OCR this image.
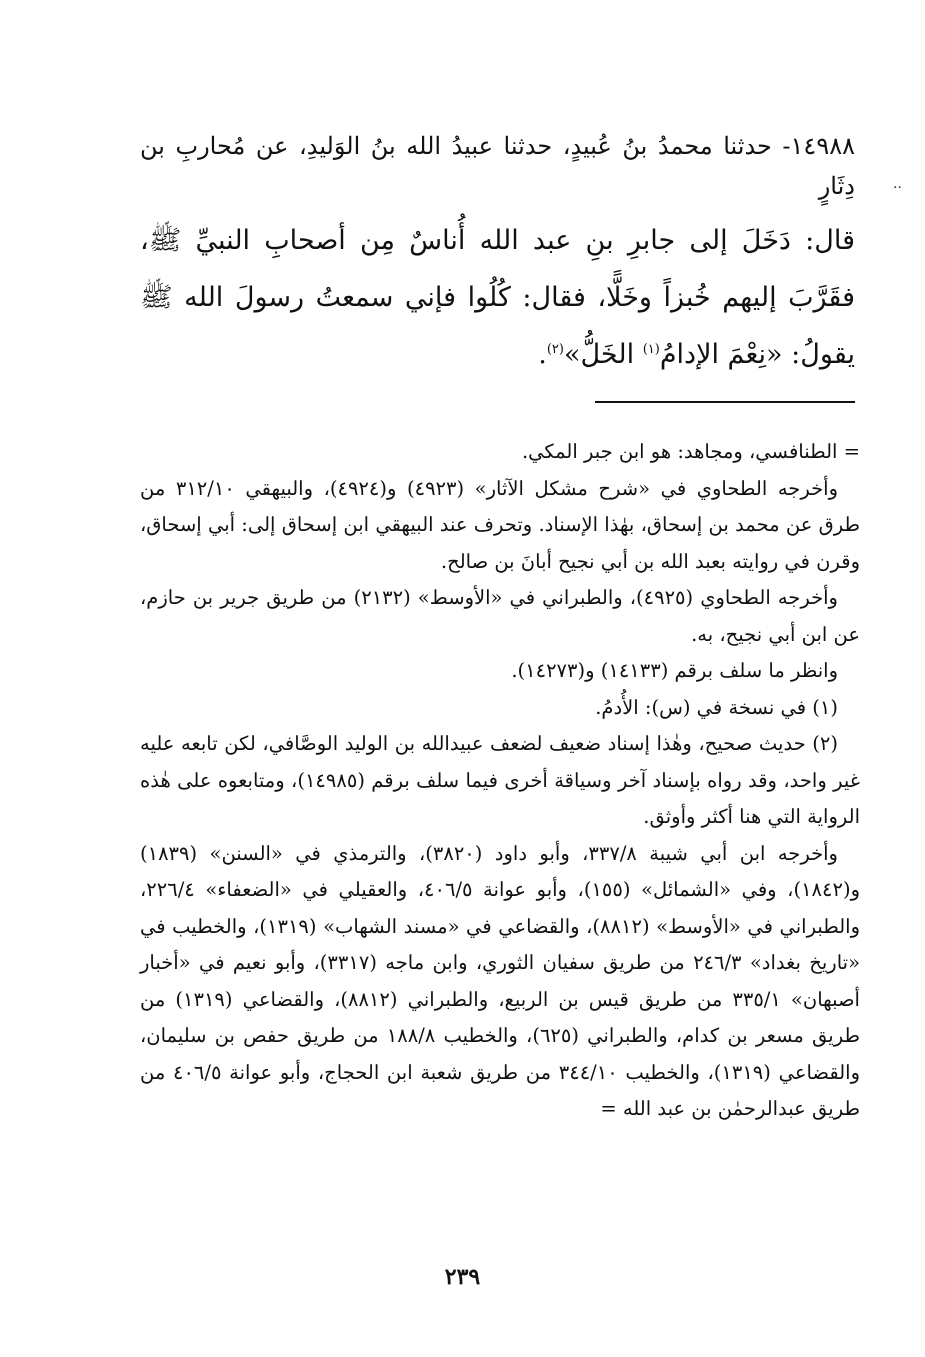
..

١٤٩٨٨- حدثنا محمدُ بنُ عُبيدٍ، حدثنا عبيدُ الله بنُ الوَليدِ، عن مُحاربِ بن دِثَارٍ

قال: دَخَلَ إلى جابرِ بنِ عبد الله أُناسٌ مِن أصحابِ النبيِّ ﷺ، فقَرَّبَ إليهم خُبزاً وخَلًّا، فقال: كُلُوا فإني سمعتُ رسولَ الله ﷺ يقولُ: «نِعْمَ الإدامُ$^{(١)}$ الخَلُّ»$^{(٢)}$.

= الطنافسي، ومجاهد: هو ابن جبر المكي.

وأخرجه الطحاوي في «شرح مشكل الآثار» (٤٩٢٣) و(٤٩٢٤)، والبيهقي ٣١٢/١٠ من طرق عن محمد بن إسحاق، بهٰذا الإسناد. وتحرف عند البيهقي ابن إسحاق إلى: أبي إسحاق، وقرن في روايته بعبد الله بن أبي نجيح أبانَ بن صالح.

وأخرجه الطحاوي (٤٩٢٥)، والطبراني في «الأوسط» (٢١٣٢) من طريق جرير بن حازم، عن ابن أبي نجيح، به.

وانظر ما سلف برقم (١٤١٣٣) و(١٤٢٧٣).

(١) في نسخة في (س): الأُدمُ.

(٢) حديث صحيح، وهٰذا إسناد ضعيف لضعف عبيدالله بن الوليد الوصَّافي، لكن تابعه عليه غير واحد، وقد رواه بإسناد آخر وسياقة أخرى فيما سلف برقم (١٤٩٨٥)، ومتابعوه على هٰذه الرواية التي هنا أكثر وأوثق.

وأخرجه ابن أبي شيبة ٣٣٧/٨، وأبو داود (٣٨٢٠)، والترمذي في «السنن» (١٨٣٩) و(١٨٤٢)، وفي «الشمائل» (١٥٥)، وأبو عوانة ٤٠٦/٥، والعقيلي في «الضعفاء» ٢٢٦/٤، والطبراني في «الأوسط» (٨٨١٢)، والقضاعي في «مسند الشهاب» (١٣١٩)، والخطيب في «تاريخ بغداد» ٢٤٦/٣ من طريق سفيان الثوري، وابن ماجه (٣٣١٧)، وأبو نعيم في «أخبار أصبهان» ٣٣٥/١ من طريق قيس بن الربيع، والطبراني (٨٨١٢)، والقضاعي (١٣١٩) من طريق مسعر بن كدام، والطبراني (٦٢٥)، والخطيب ١٨٨/٨ من طريق حفص بن سليمان، والقضاعي (١٣١٩)، والخطيب ٣٤٤/١٠ من طريق شعبة ابن الحجاج، وأبو عوانة ٤٠٦/٥ من طريق عبدالرحمٰن بن عبد الله =

٢٣٩
